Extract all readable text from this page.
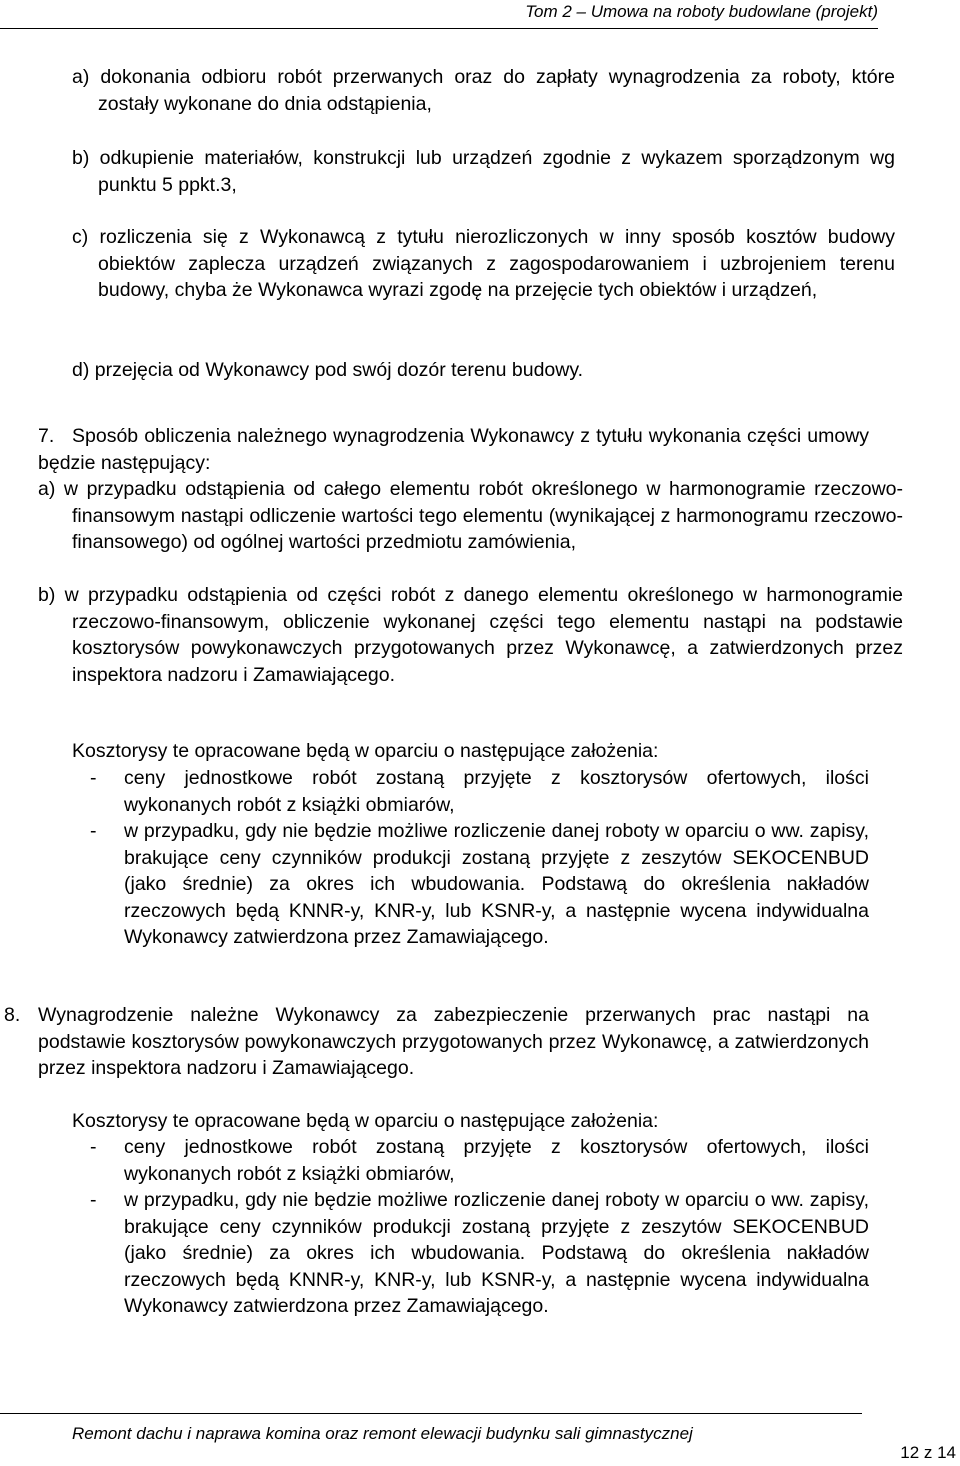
Tom 2 – Umowa na roboty budowlane (projekt)
a) dokonania odbioru robót przerwanych oraz do zapłaty wynagrodzenia za roboty, które zostały wykonane do dnia odstąpienia,
b) odkupienie materiałów, konstrukcji lub urządzeń zgodnie z wykazem sporządzonym wg punktu 5 ppkt.3,
c) rozliczenia się z Wykonawcą z tytułu nierozliczonych w inny sposób kosztów budowy obiektów zaplecza urządzeń związanych z zagospodarowaniem i uzbrojeniem terenu budowy, chyba że Wykonawca wyrazi zgodę na przejęcie tych obiektów i urządzeń,
d) przejęcia od Wykonawcy pod swój dozór terenu budowy.
7. Sposób obliczenia należnego wynagrodzenia Wykonawcy z tytułu wykonania części umowy będzie następujący:
a) w przypadku odstąpienia od całego elementu robót określonego w harmonogramie rzeczowo-finansowym nastąpi odliczenie wartości tego elementu (wynikającej z harmonogramu rzeczowo-finansowego) od ogólnej wartości przedmiotu zamówienia,
b) w przypadku odstąpienia od części robót z danego elementu określonego w harmonogramie rzeczowo-finansowym, obliczenie wykonanej części tego elementu nastąpi na podstawie kosztorysów powykonawczych przygotowanych przez Wykonawcę, a zatwierdzonych przez inspektora nadzoru i Zamawiającego.
Kosztorysy te opracowane będą w oparciu o następujące założenia:
- ceny jednostkowe robót zostaną przyjęte z kosztorysów ofertowych, ilości wykonanych robót z książki obmiarów,
- w przypadku, gdy nie będzie możliwe rozliczenie danej roboty w oparciu o ww. zapisy, brakujące ceny czynników produkcji zostaną przyjęte z zeszytów SEKOCENBUD (jako średnie) za okres ich wbudowania. Podstawą do określenia nakładów rzeczowych będą KNNR-y, KNR-y, lub KSNR-y, a następnie wycena indywidualna Wykonawcy zatwierdzona przez Zamawiającego.
8. Wynagrodzenie należne Wykonawcy za zabezpieczenie przerwanych prac nastąpi na podstawie kosztorysów powykonawczych przygotowanych przez Wykonawcę, a zatwierdzonych przez inspektora nadzoru i Zamawiającego.
Kosztorysy te opracowane będą w oparciu o następujące założenia:
- ceny jednostkowe robót zostaną przyjęte z kosztorysów ofertowych, ilości wykonanych robót z książki obmiarów,
- w przypadku, gdy nie będzie możliwe rozliczenie danej roboty w oparciu o ww. zapisy, brakujące ceny czynników produkcji zostaną przyjęte z zeszytów SEKOCENBUD (jako średnie) za okres ich wbudowania. Podstawą do określenia nakładów rzeczowych będą KNNR-y, KNR-y, lub KSNR-y, a następnie wycena indywidualna Wykonawcy zatwierdzona przez Zamawiającego.
Remont dachu i naprawa komina oraz remont elewacji budynku sali gimnastycznej
12 z 14
